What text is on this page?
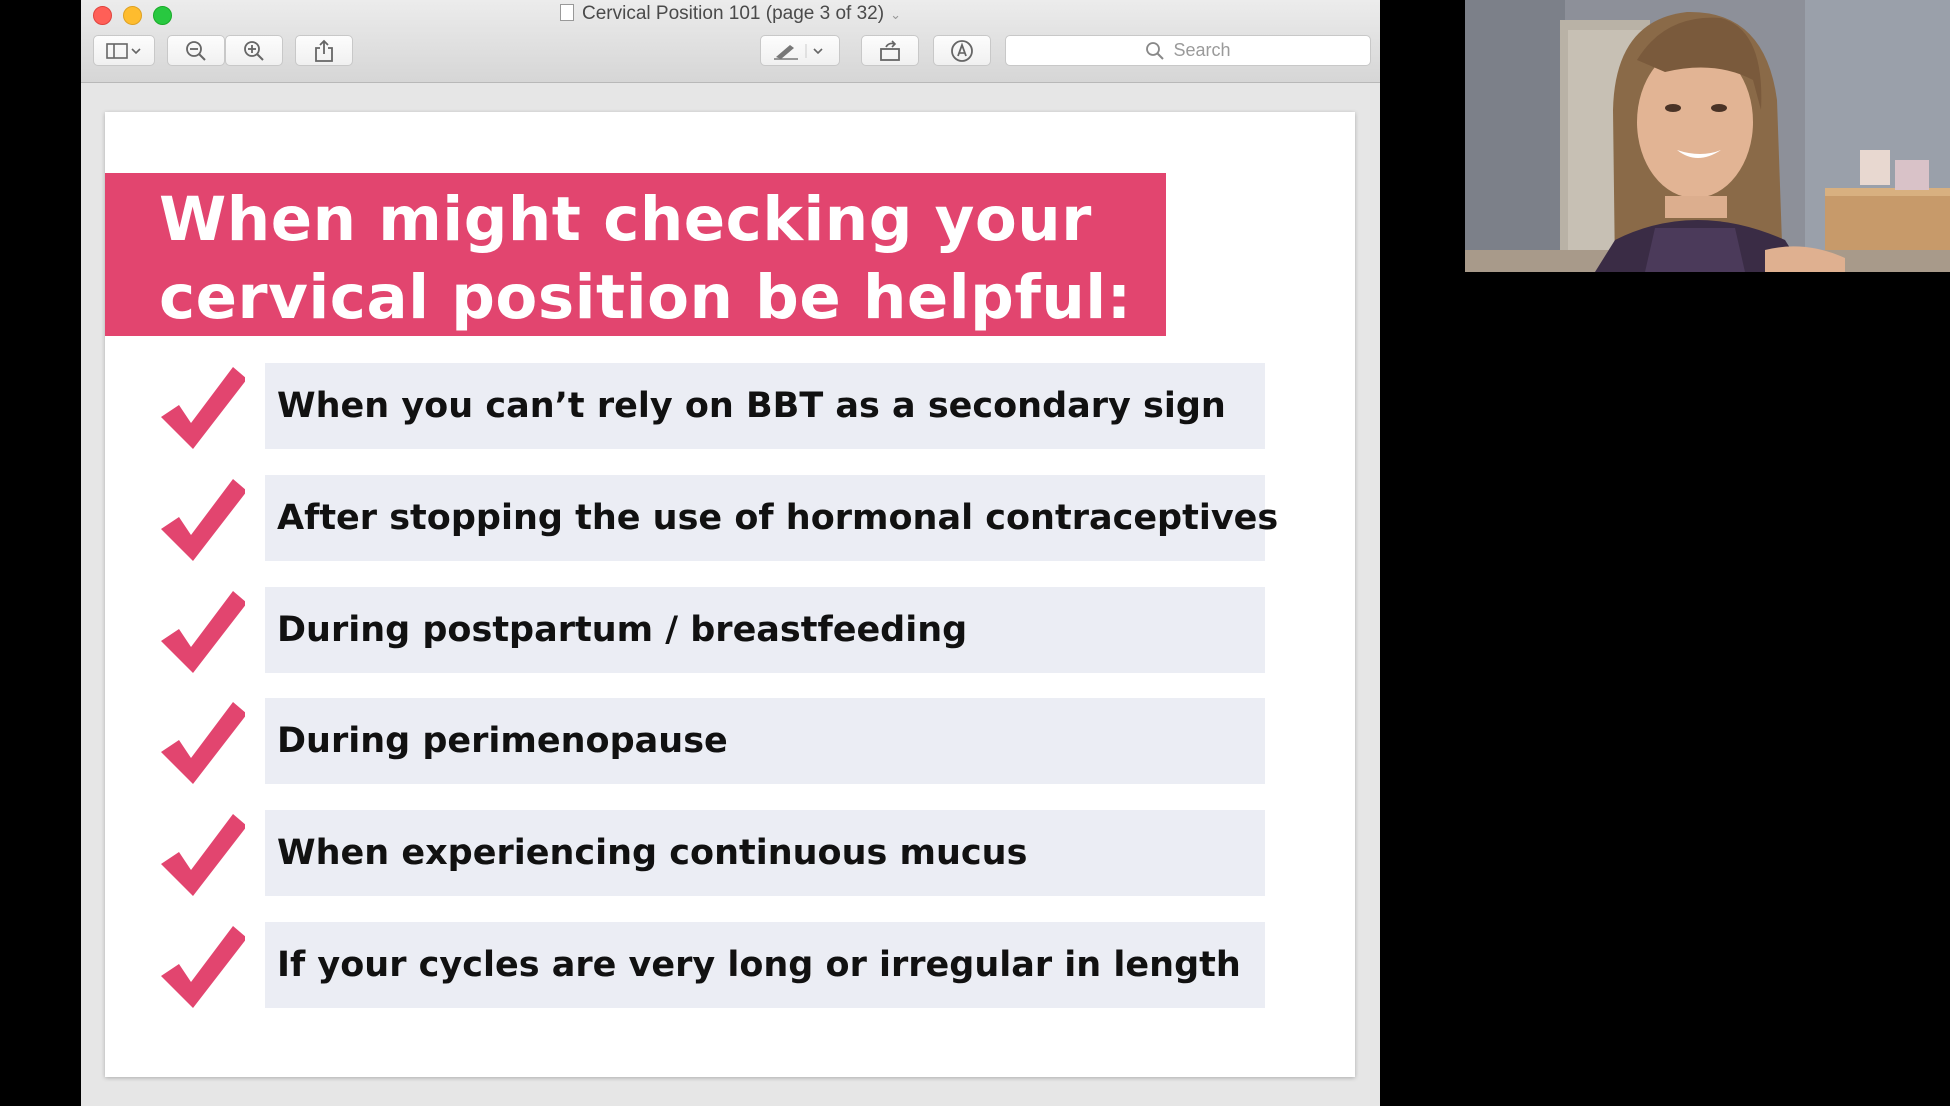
Cervical Position 101 (page 3 of 32) ⌄
Search
When might checking your
cervical position be helpful:
When you can’t rely on BBT as a secondary sign
After stopping the use of hormonal contraceptives
During postpartum / breastfeeding
During perimenopause
When experiencing continuous mucus
If your cycles are very long or irregular in length
